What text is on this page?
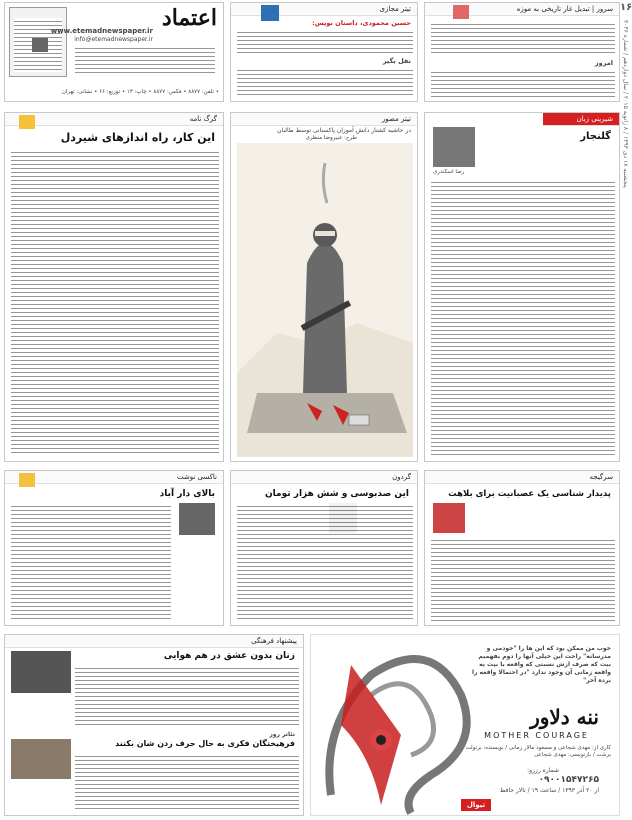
اعتماد
www.etemadnewspaper.ir
info@etemadnewspaper.ir
• تلفن: ۸۸۷۷ • فکس: ۸۸۷۷ • چاپ: ۱۳ • توزیع: ۶۶ • نشانی: تهران
تیتر مجازی
حسین محمودی، داستان نویس:
نقل بگیر
سرور | تبدیل غار تاریخی به موزه
امروز
۱۶
پنجشنبه ۱۸ دی ۱۳۹۳ / ۸ ژانویه ۲۰۱۵ / سال دوازدهم / شماره ۳۰۴۶
گرگ نامه
این کار، راه اندازهای شیردل
تیتر مصور
در حاشیه کشتار دانش آموزان پاکستانی توسط طالبان
طرح: عبیروضا منظری
شیرینی زبان
گلنجار
رضا اسکندری
ناکسی نوشت
بالای دار آباد
گردون
این صدبوسی و شش هزار تومان
سرگیجه
پدیدار شناسی یک عصبانیت برای بلاهت
پیشنهاد فرهنگی
زنان بدون عشق در هم هوایی
تئاتر روز
فرهیختگان فکری به حال حرف زدن شان بکنند
خوب من ممکن بود که این ها را "خودمی و مدرسانه" راحت این خیلی آنها را دوم بفهمیم بیت که صرف ازش نسبتی که واقعه با بیت به واقعه زمانی آن وجود ندارد "در احتمالا واقعه را برده آخر"
ننه دلاور
MOTHER COURAGE
کاری از: مهدی شجاعی و مسعود مالار زمانی / نویسنده: برتولت برشت / بازنویسی: مهدی شجاعی
شماره رزرو:
۰۹۰۰۱۵۴۷۲۶۵
از ۲۰ آذر ۱۳۹۳ / ساعت ۱۹ / تالار حافظ
تیوال
